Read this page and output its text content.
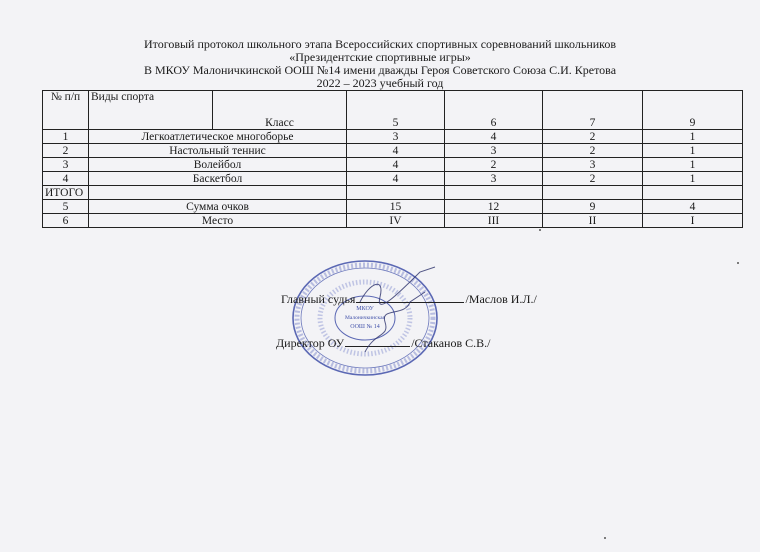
Итоговый протокол школьного этапа Всероссийских спортивных соревнований школьников
«Президентские спортивные игры»
В МКОУ Малоничкинской ООШ №14 имени дважды Героя Советского Союза С.И. Кретова
2022 – 2023 учебный год
№ п/п	Виды спорта	Класс	5	6	7	9
1	Легкоатлетическое многоборье		3	4	2	1
2	Настольный теннис		4	3	2	1
3	Волейбол		4	2	3	1
4	Баскетбол		4	3	2	1
ИТОГО						
5	Сумма очков		15	12	9	4
6	Место		IV	III	II	I
МКОУ
Малоничкинская
ООШ № 14
Главный судья	/Маслов И.Л./
Директор ОУ	/Стаканов С.В./
